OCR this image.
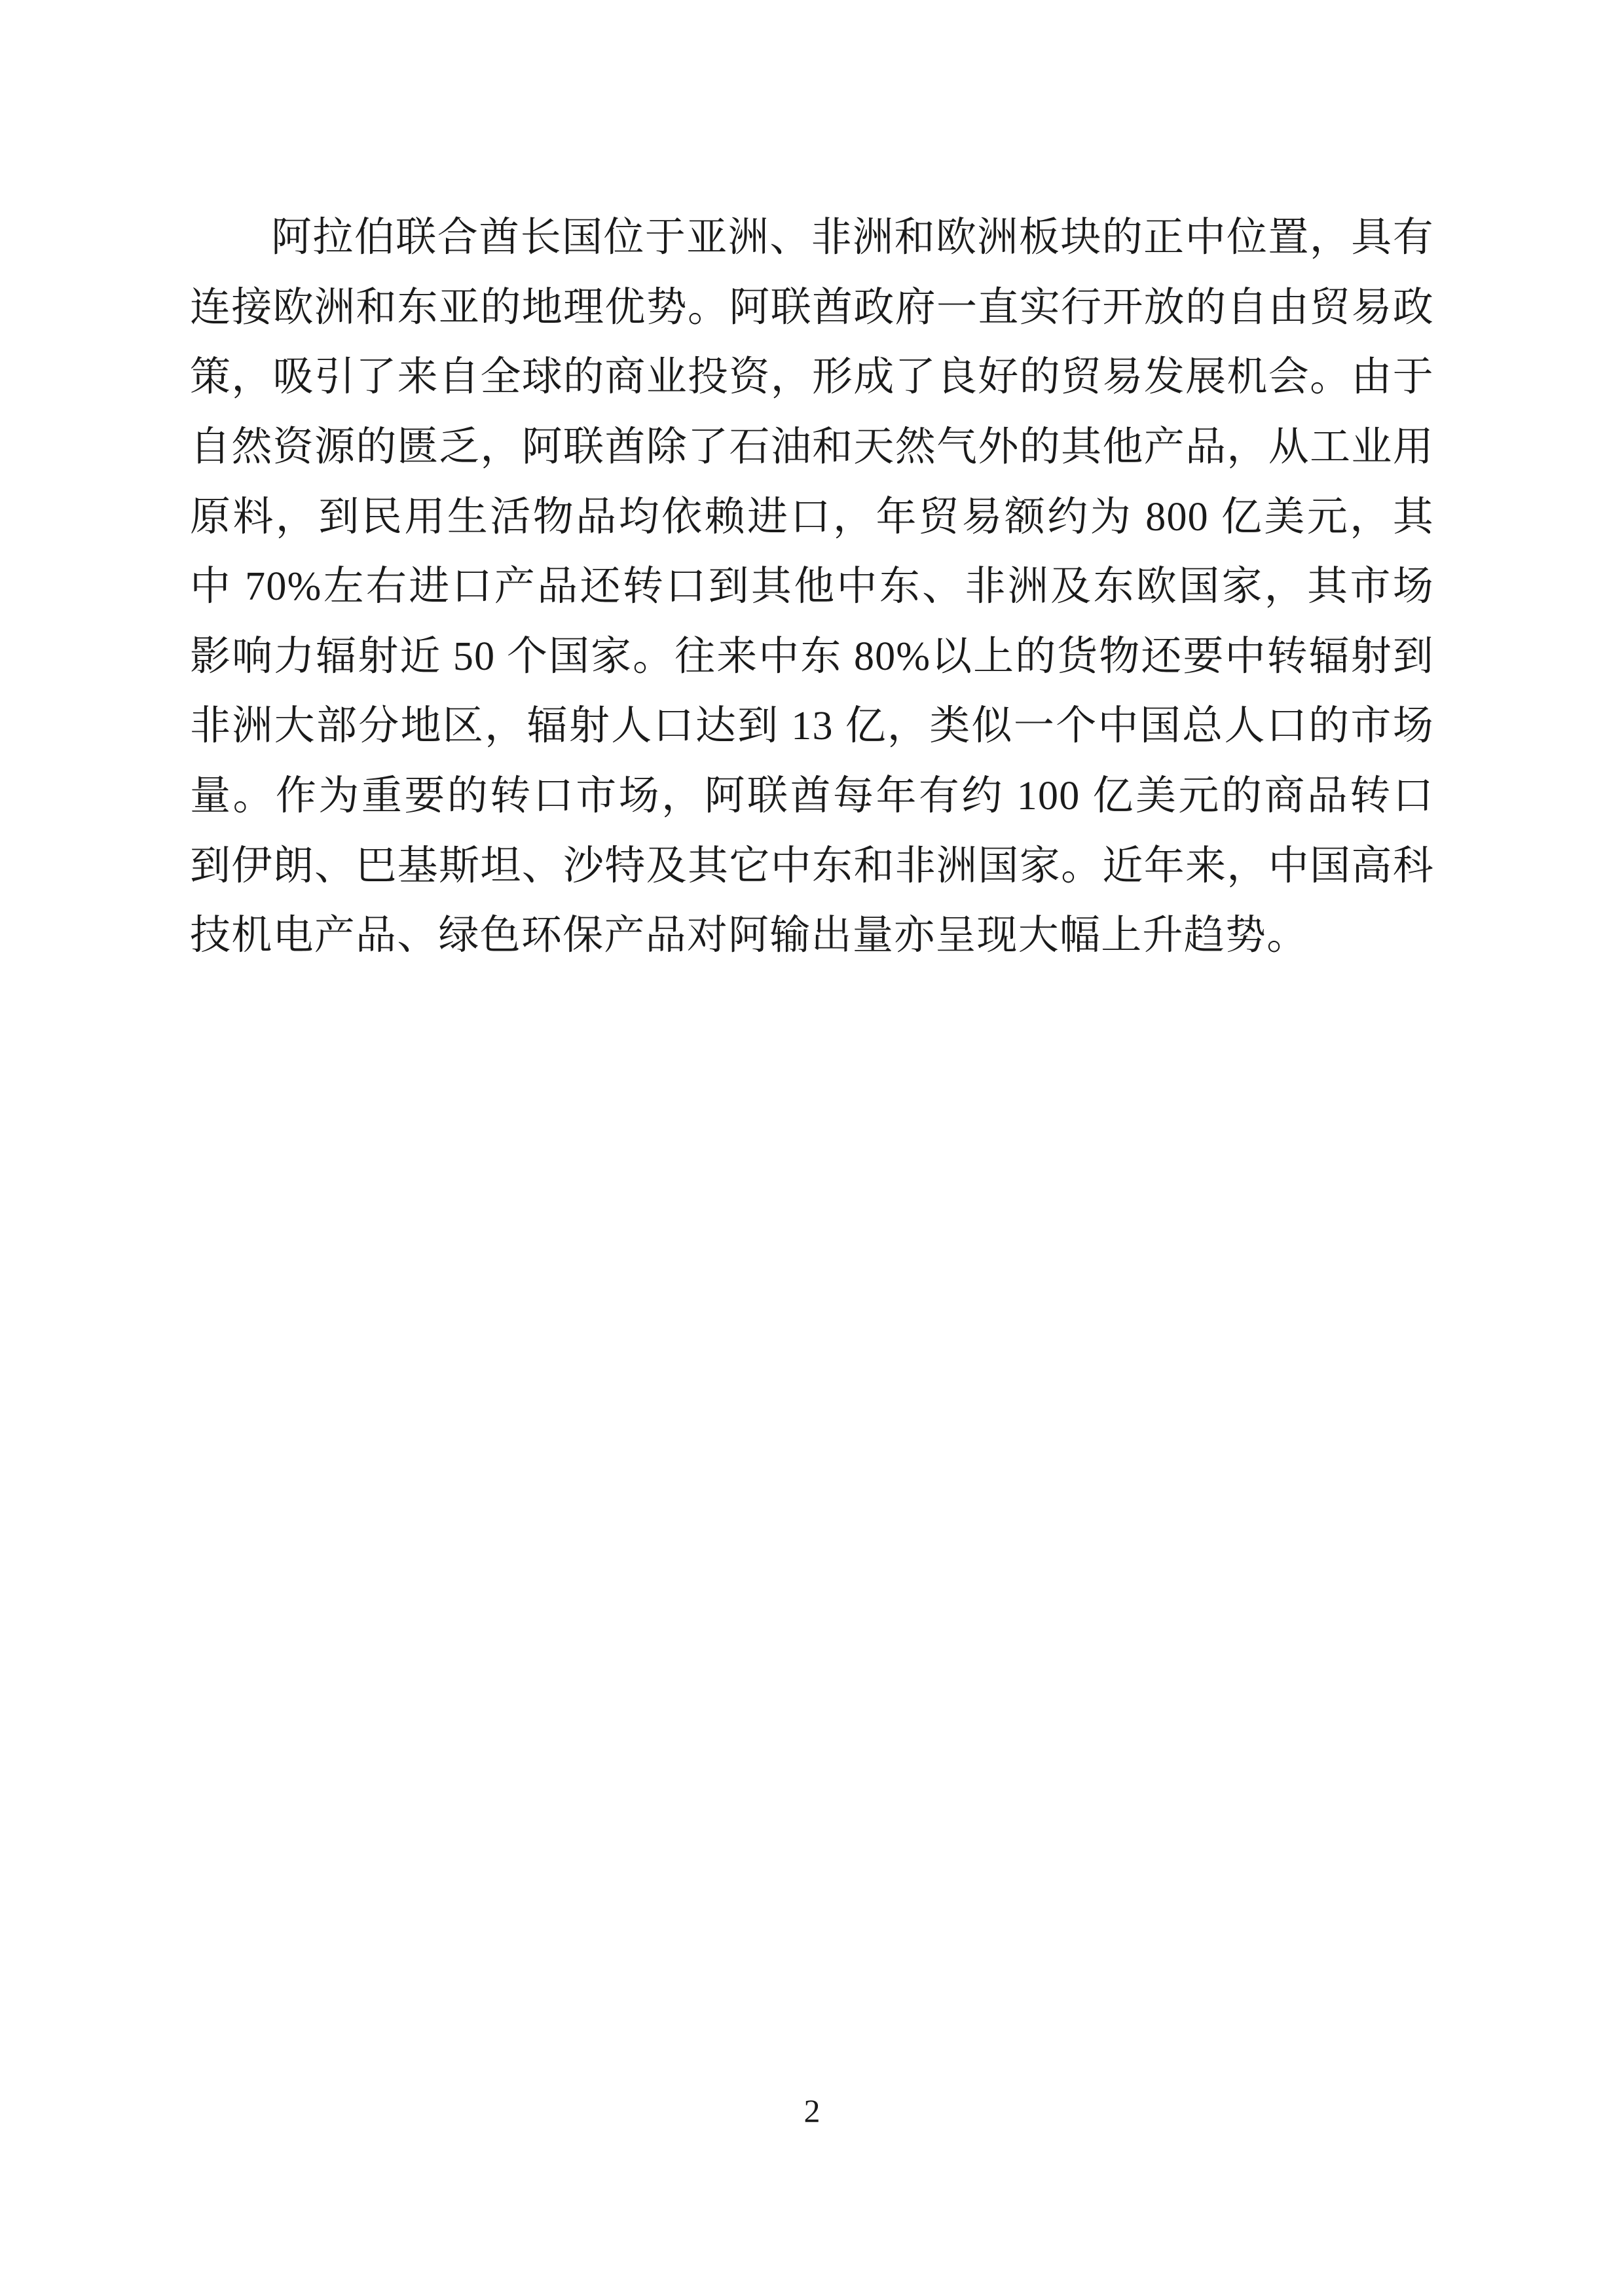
阿拉伯联合酋长国位于亚洲、非洲和欧洲板块的正中位置，具有连接欧洲和东亚的地理优势。阿联酋政府一直实行开放的自由贸易政策，吸引了来自全球的商业投资，形成了良好的贸易发展机会。由于自然资源的匮乏，阿联酋除了石油和天然气外的其他产品，从工业用原料，到民用生活物品均依赖进口，年贸易额约为 800 亿美元，其中 70%左右进口产品还转口到其他中东、非洲及东欧国家，其市场影响力辐射近 50 个国家。往来中东 80%以上的货物还要中转辐射到非洲大部分地区，辐射人口达到 13 亿，类似一个中国总人口的市场量。作为重要的转口市场，阿联酋每年有约 100 亿美元的商品转口到伊朗、巴基斯坦、沙特及其它中东和非洲国家。近年来，中国高科技机电产品、绿色环保产品对阿输出量亦呈现大幅上升趋势。

2
